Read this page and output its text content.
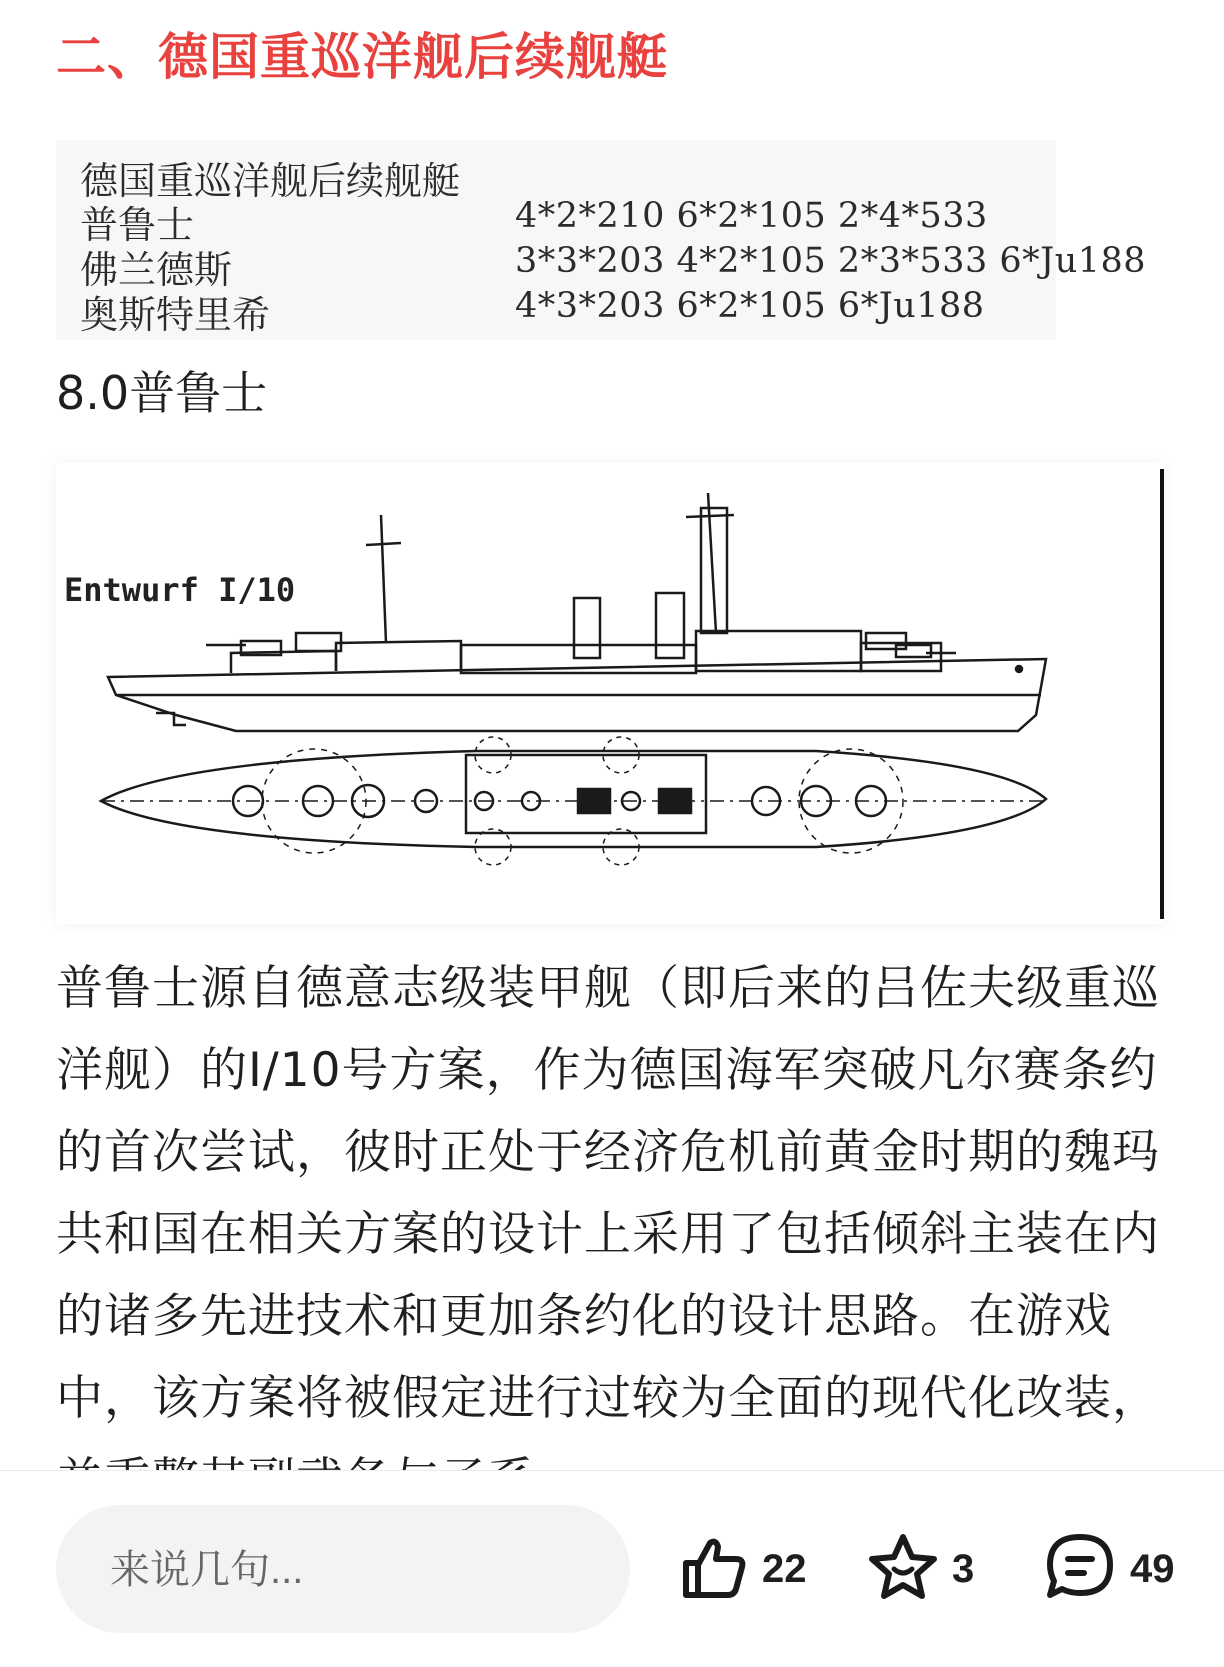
二、德国重巡洋舰后续舰艇
德国重巡洋舰后续舰艇
普鲁士	4*2*210 6*2*105 2*4*533
佛兰德斯	3*3*203 4*2*105 2*3*533 6*Ju188
奥斯特里希	4*3*203 6*2*105 6*Ju188
8.0普鲁士
Entwurf I/10

普鲁士源自德意志级装甲舰（即后来的吕佐夫级重巡洋舰）的I/10号方案，作为德国海军突破凡尔赛条约的首次尝试，彼时正处于经济危机前黄金时期的魏玛共和国在相关方案的设计上采用了包括倾斜主装在内的诸多先进技术和更加条约化的设计思路。在游戏中，该方案将被假定进行过较为全面的现代化改装，

来说几句...
22	3	49
